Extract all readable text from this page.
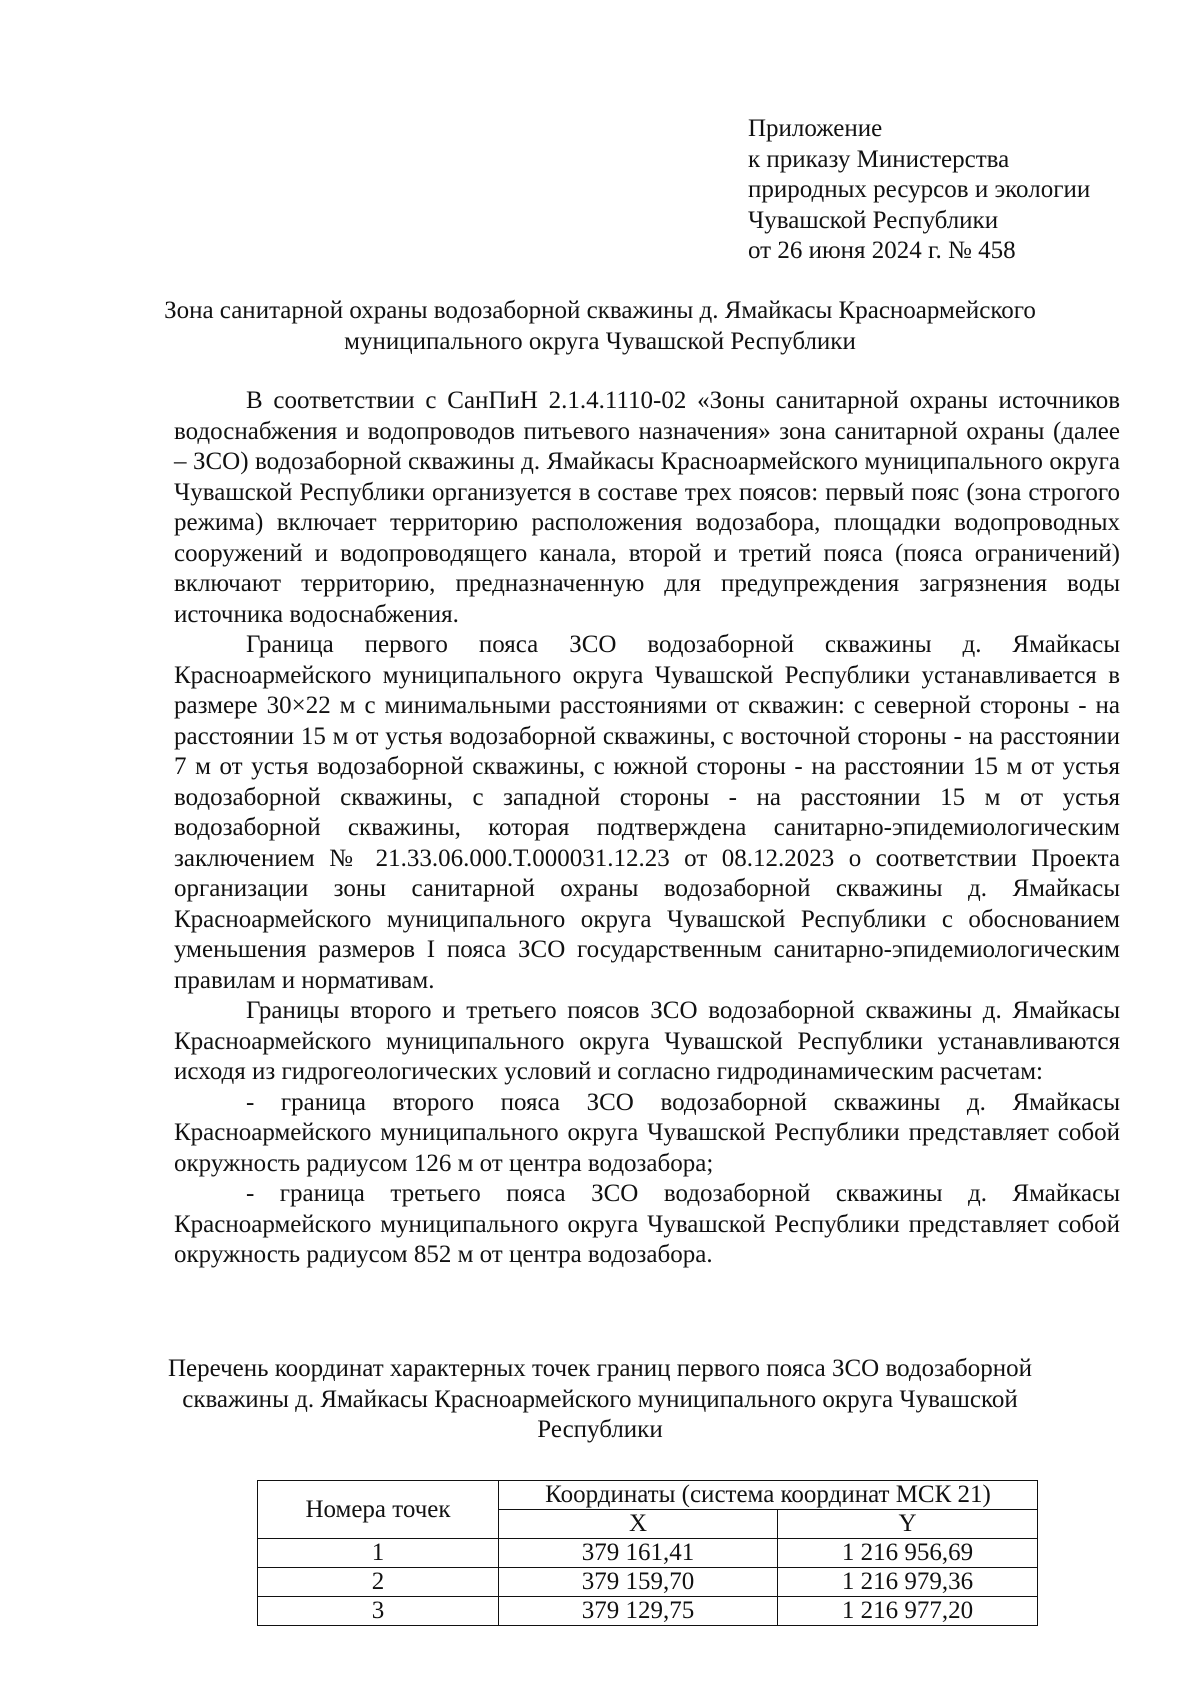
Приложение
к приказу Министерства
природных ресурсов и экологии
Чувашской Республики
от 26 июня 2024 г. № 458
Зона санитарной охраны водозаборной скважины д. Ямайкасы Красноармейского муниципального округа Чувашской Республики

В соответствии с СанПиН 2.1.4.1110-02 «Зоны санитарной охраны источников водоснабжения и водопроводов питьевого назначения» зона санитарной охраны (далее – ЗСО) водозаборной скважины д. Ямайкасы Красноармейского муниципального округа Чувашской Республики организуется в составе трех поясов: первый пояс (зона строгого режима) включает территорию расположения водозабора, площадки водопроводных сооружений и водопроводящего канала, второй и третий пояса (пояса ограничений) включают территорию, предназначенную для предупреждения загрязнения воды источника водоснабжения.

Граница первого пояса ЗСО водозаборной скважины д. Ямайкасы Красноармейского муниципального округа Чувашской Республики устанавливается в размере 30×22 м с минимальными расстояниями от скважин: с северной стороны - на расстоянии 15 м от устья водозаборной скважины, с восточной стороны - на расстоянии 7 м от устья водозаборной скважины, с южной стороны - на расстоянии 15 м от устья водозаборной скважины, с западной стороны - на расстоянии 15 м от устья водозаборной скважины, которая подтверждена санитарно-эпидемиологическим заключением № 21.33.06.000.Т.000031.12.23 от 08.12.2023 о соответствии Проекта организации зоны санитарной охраны водозаборной скважины д. Ямайкасы Красноармейского муниципального округа Чувашской Республики с обоснованием уменьшения размеров I пояса ЗСО государственным санитарно-эпидемиологическим правилам и нормативам.

Границы второго и третьего поясов ЗСО водозаборной скважины д. Ямайкасы Красноармейского муниципального округа Чувашской Республики устанавливаются исходя из гидрогеологических условий и согласно гидродинамическим расчетам:

- граница второго пояса ЗСО водозаборной скважины д. Ямайкасы Красноармейского муниципального округа Чувашской Республики представляет собой окружность радиусом 126 м от центра водозабора;

- граница третьего пояса ЗСО водозаборной скважины д. Ямайкасы Красноармейского муниципального округа Чувашской Республики представляет собой окружность радиусом 852 м от центра водозабора.

Перечень координат характерных точек границ первого пояса ЗСО водозаборной скважины д. Ямайкасы Красноармейского муниципального округа Чувашской Республики
Номера точек	Координаты (система координат МСК 21)	
	X	Y
1	379 161,41	1 216 956,69
2	379 159,70	1 216 979,36
3	379 129,75	1 216 977,20
